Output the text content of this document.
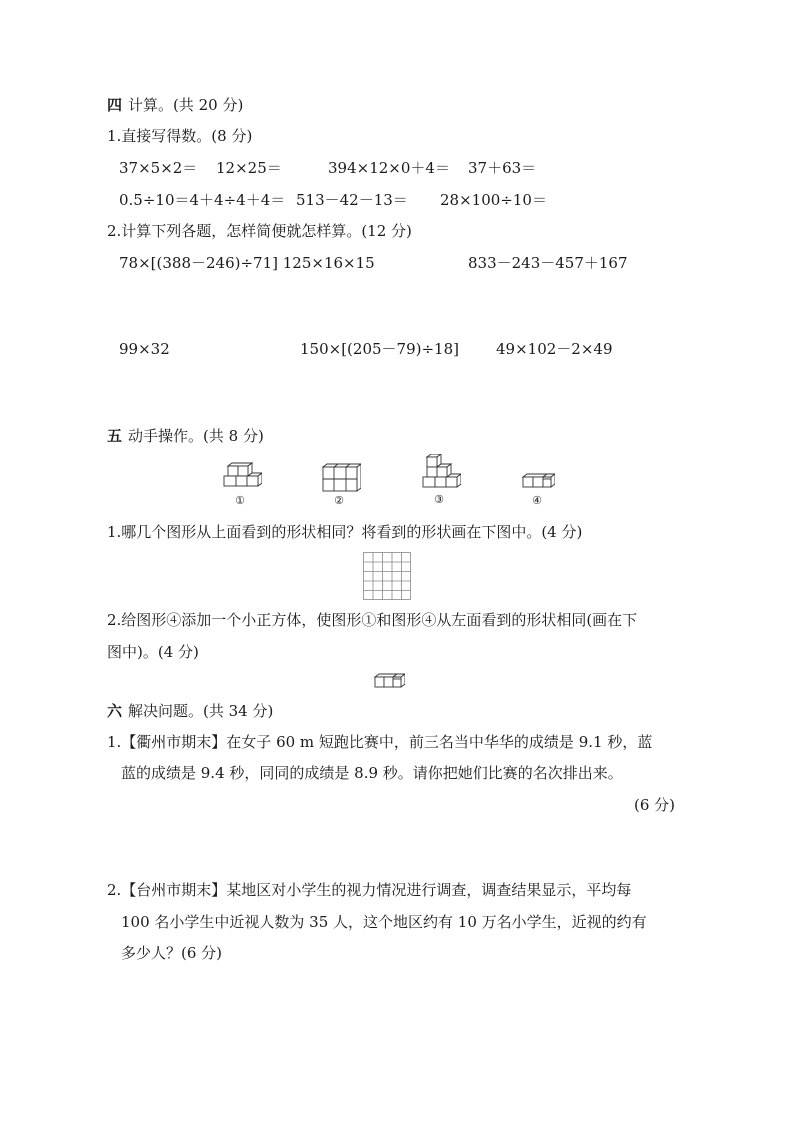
四 计算。(共 20 分)
1.直接写得数。(8 分)
37×5×2＝ 12×25＝	394×12×0＋4＝ 37＋63＝
0.5÷10＝4＋4÷4＋4＝ 513－42－13＝ 28×100÷10＝
2.计算下列各题，怎样简便就怎样算。(12 分)
78×[(388－246)÷71] 125×16×15	833－243－457＋167
99×32	150×[(205－79)÷18] 49×102－2×49
五 动手操作。(共 8 分)
①	②	③	④
1.哪几个图形从上面看到的形状相同？将看到的形状画在下图中。(4 分)
2.给图形④添加一个小正方体，使图形①和图形④从左面看到的形状相同(画在下
图中)。(4 分)
六 解决问题。(共 34 分)
1.【衢州市期末】在女子 60 m 短跑比赛中，前三名当中华华的成绩是 9.1 秒，蓝
蓝的成绩是 9.4 秒，同同的成绩是 8.9 秒。请你把她们比赛的名次排出来。
(6 分)
2.【台州市期末】某地区对小学生的视力情况进行调查，调查结果显示，平均每
100 名小学生中近视人数为 35 人，这个地区约有 10 万名小学生，近视的约有
多少人？(6 分)
